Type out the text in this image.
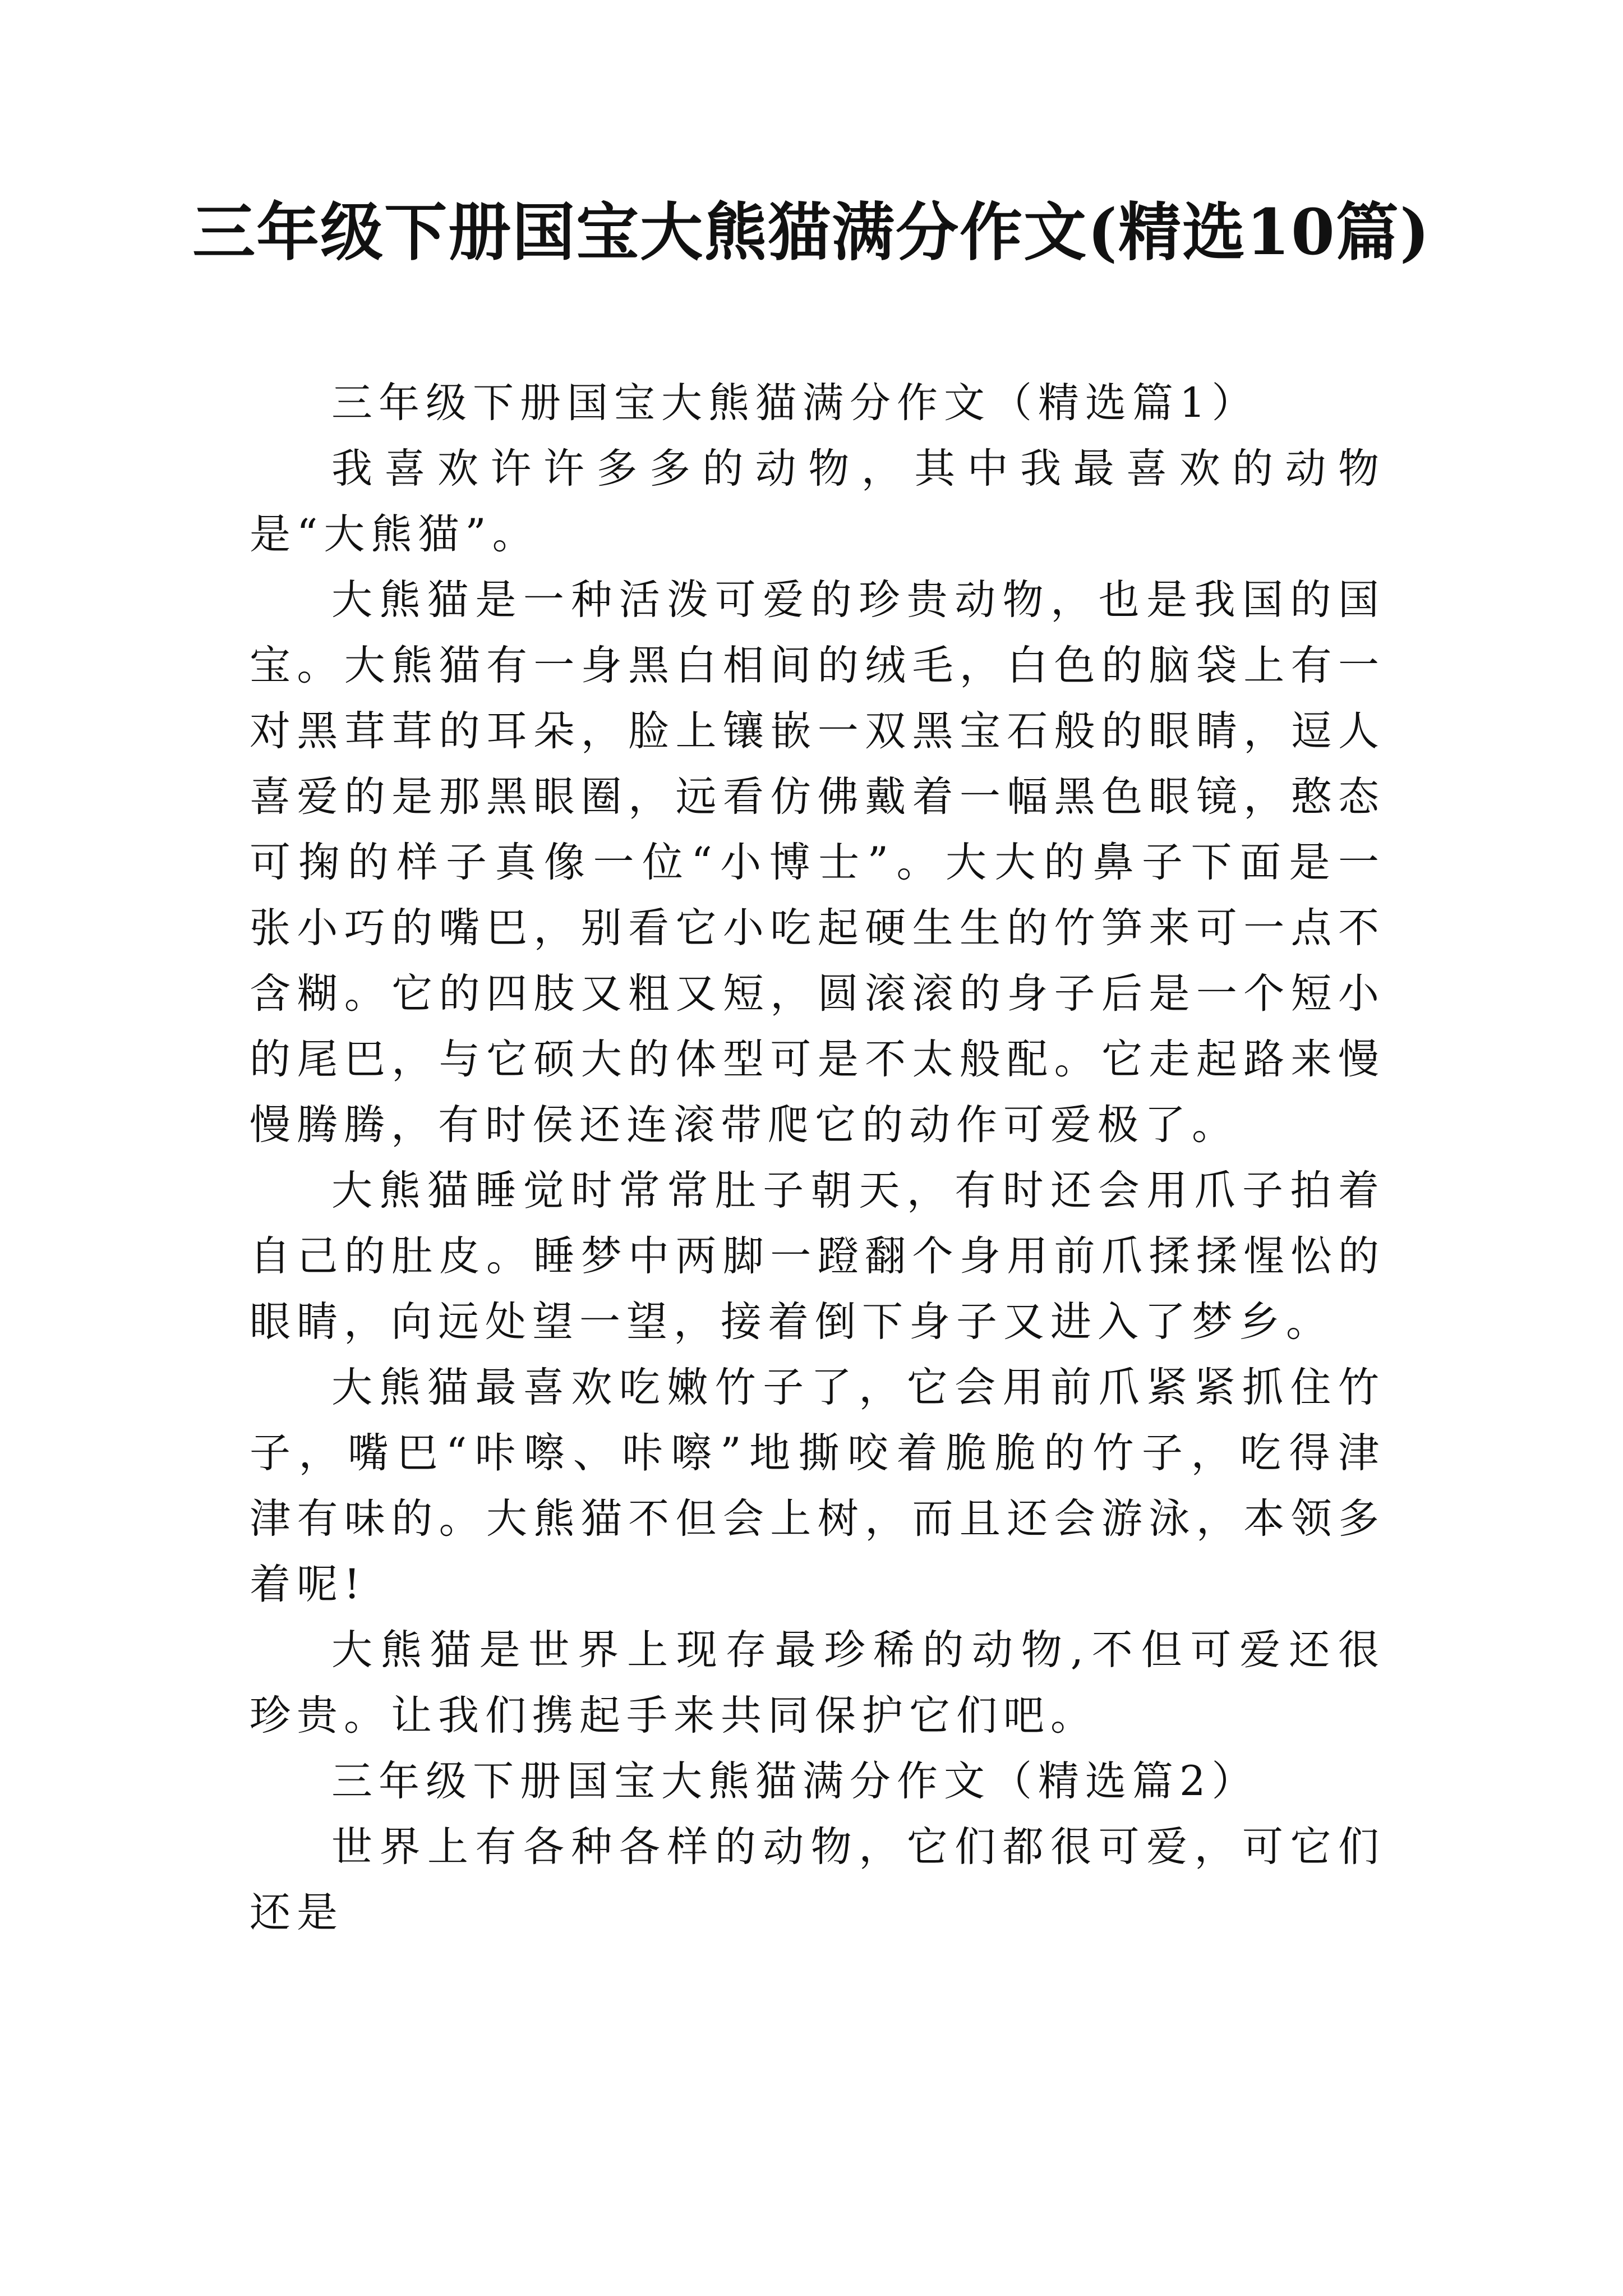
三年级下册国宝大熊猫满分作文(精选10篇)

三年级下册国宝大熊猫满分作文（精选篇1）

我喜欢许许多多的动物，其中我最喜欢的动物是“大熊猫”。

大熊猫是一种活泼可爱的珍贵动物，也是我国的国宝。大熊猫有一身黑白相间的绒毛，白色的脑袋上有一对黑茸茸的耳朵，脸上镶嵌一双黑宝石般的眼睛，逗人喜爱的是那黑眼圈，远看仿佛戴着一幅黑色眼镜，憨态可掬的样子真像一位“小博士”。大大的鼻子下面是一张小巧的嘴巴，别看它小吃起硬生生的竹笋来可一点不含糊。它的四肢又粗又短，圆滚滚的身子后是一个短小的尾巴，与它硕大的体型可是不太般配。它走起路来慢慢腾腾，有时侯还连滚带爬它的动作可爱极了。

大熊猫睡觉时常常肚子朝天，有时还会用爪子拍着自己的肚皮。睡梦中两脚一蹬翻个身用前爪揉揉惺忪的眼睛，向远处望一望，接着倒下身子又进入了梦乡。

大熊猫最喜欢吃嫩竹子了，它会用前爪紧紧抓住竹子，嘴巴“咔嚓、咔嚓”地撕咬着脆脆的竹子，吃得津津有味的。大熊猫不但会上树，而且还会游泳，本领多着呢!

大熊猫是世界上现存最珍稀的动物,不但可爱还很珍贵。让我们携起手来共同保护它们吧。

三年级下册国宝大熊猫满分作文（精选篇2）

世界上有各种各样的动物，它们都很可爱，可它们还是
